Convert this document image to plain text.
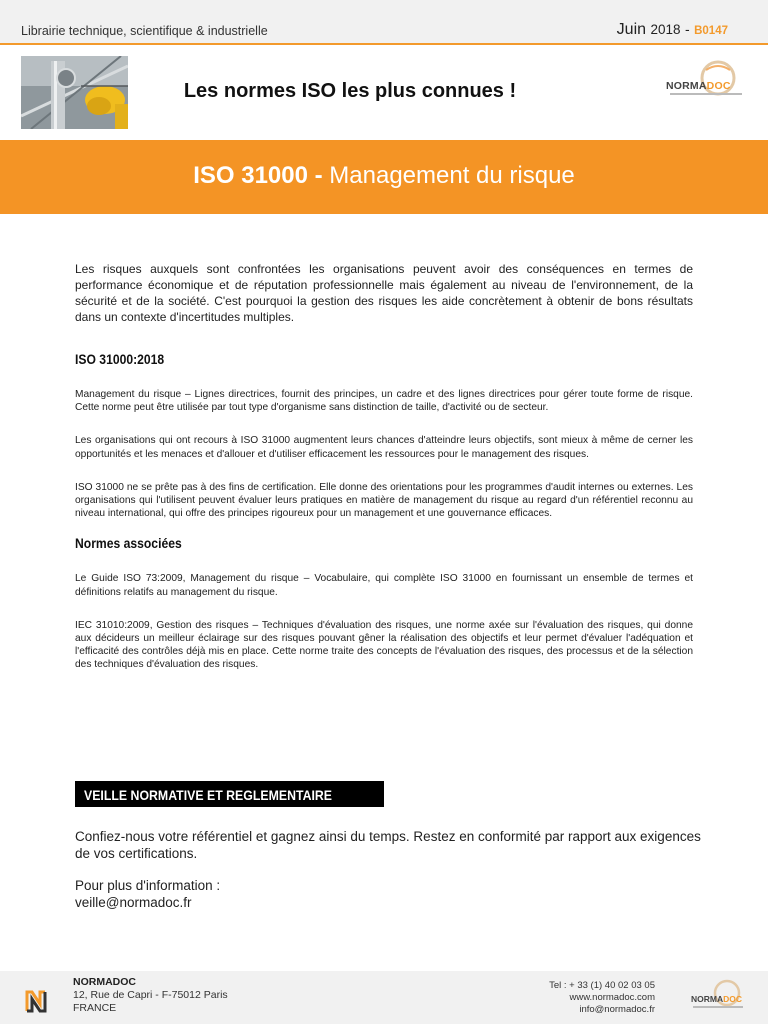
Librairie technique, scientifique & industrielle	Juin 2018 - B0147
Les normes ISO les plus connues !	NORMADOC
ISO 31000 - Management du risque

Les risques auxquels sont confrontées les organisations peuvent avoir des conséquences en termes de performance économique et de réputation professionnelle mais également au niveau de l'environnement, de la sécurité et de la société. C'est pourquoi la gestion des risques les aide concrètement à obtenir de bons résultats dans un contexte d'incertitudes multiples.

ISO 31000:2018

Management du risque – Lignes directrices, fournit des principes, un cadre et des lignes directrices pour gérer toute forme de risque. Cette norme peut être utilisée par tout type d'organisme sans distinction de taille, d'activité ou de secteur.

Les organisations qui ont recours à ISO 31000 augmentent leurs chances d'atteindre leurs objectifs, sont mieux à même de cerner les opportunités et les menaces et d'allouer et d'utiliser efficacement les ressources pour le management des risques.

ISO 31000 ne se prête pas à des fins de certification. Elle donne des orientations pour les programmes d'audit internes ou externes. Les organisations qui l'utilisent peuvent évaluer leurs pratiques en matière de management du risque au regard d'un référentiel reconnu au niveau international, qui offre des principes rigoureux pour un management et une gouvernance efficaces.

Normes associées

Le Guide ISO 73:2009, Management du risque – Vocabulaire, qui complète ISO 31000 en fournissant un ensemble de termes et définitions relatifs au management du risque.

IEC 31010:2009, Gestion des risques – Techniques d'évaluation des risques, une norme axée sur l'évaluation des risques, qui donne aux décideurs un meilleur éclairage sur des risques pouvant gêner la réalisation des objectifs et leur permet d'évaluer l'adéquation et l'efficacité des contrôles déjà mis en place. Cette norme traite des concepts de l'évaluation des risques, des processus et de la sélection des techniques d'évaluation des risques.

VEILLE NORMATIVE ET REGLEMENTAIRE

Confiez-nous votre référentiel et gagnez ainsi du temps. Restez en conformité par rapport aux exigences de vos certifications.

Pour plus d'information :

veille@normadoc.fr

NORMADOC
12, Rue de Capri - F-75012 Paris
FRANCE
Tel : + 33 (1) 40 02 03 05
www.normadoc.com
info@normadoc.fr
NORMADOC
